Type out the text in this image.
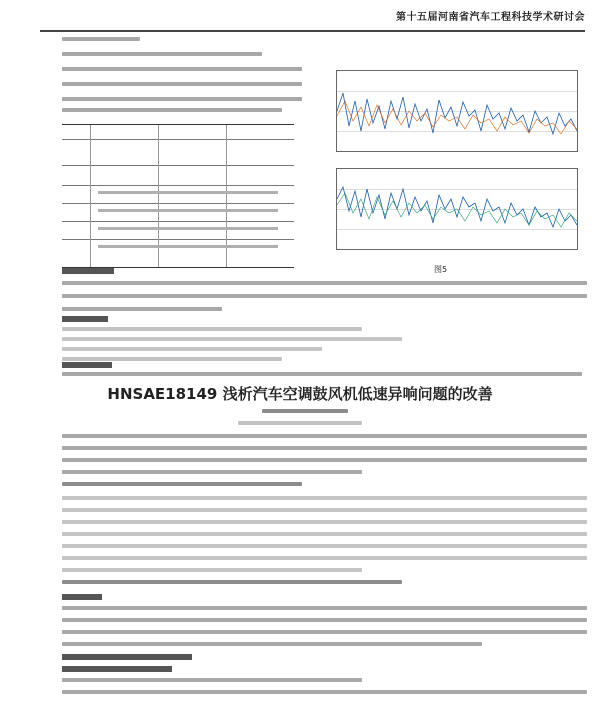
第十五届河南省汽车工程科技学术研讨会
图5
HNSAE18149 浅析汽车空调鼓风机低速异响问题的改善
